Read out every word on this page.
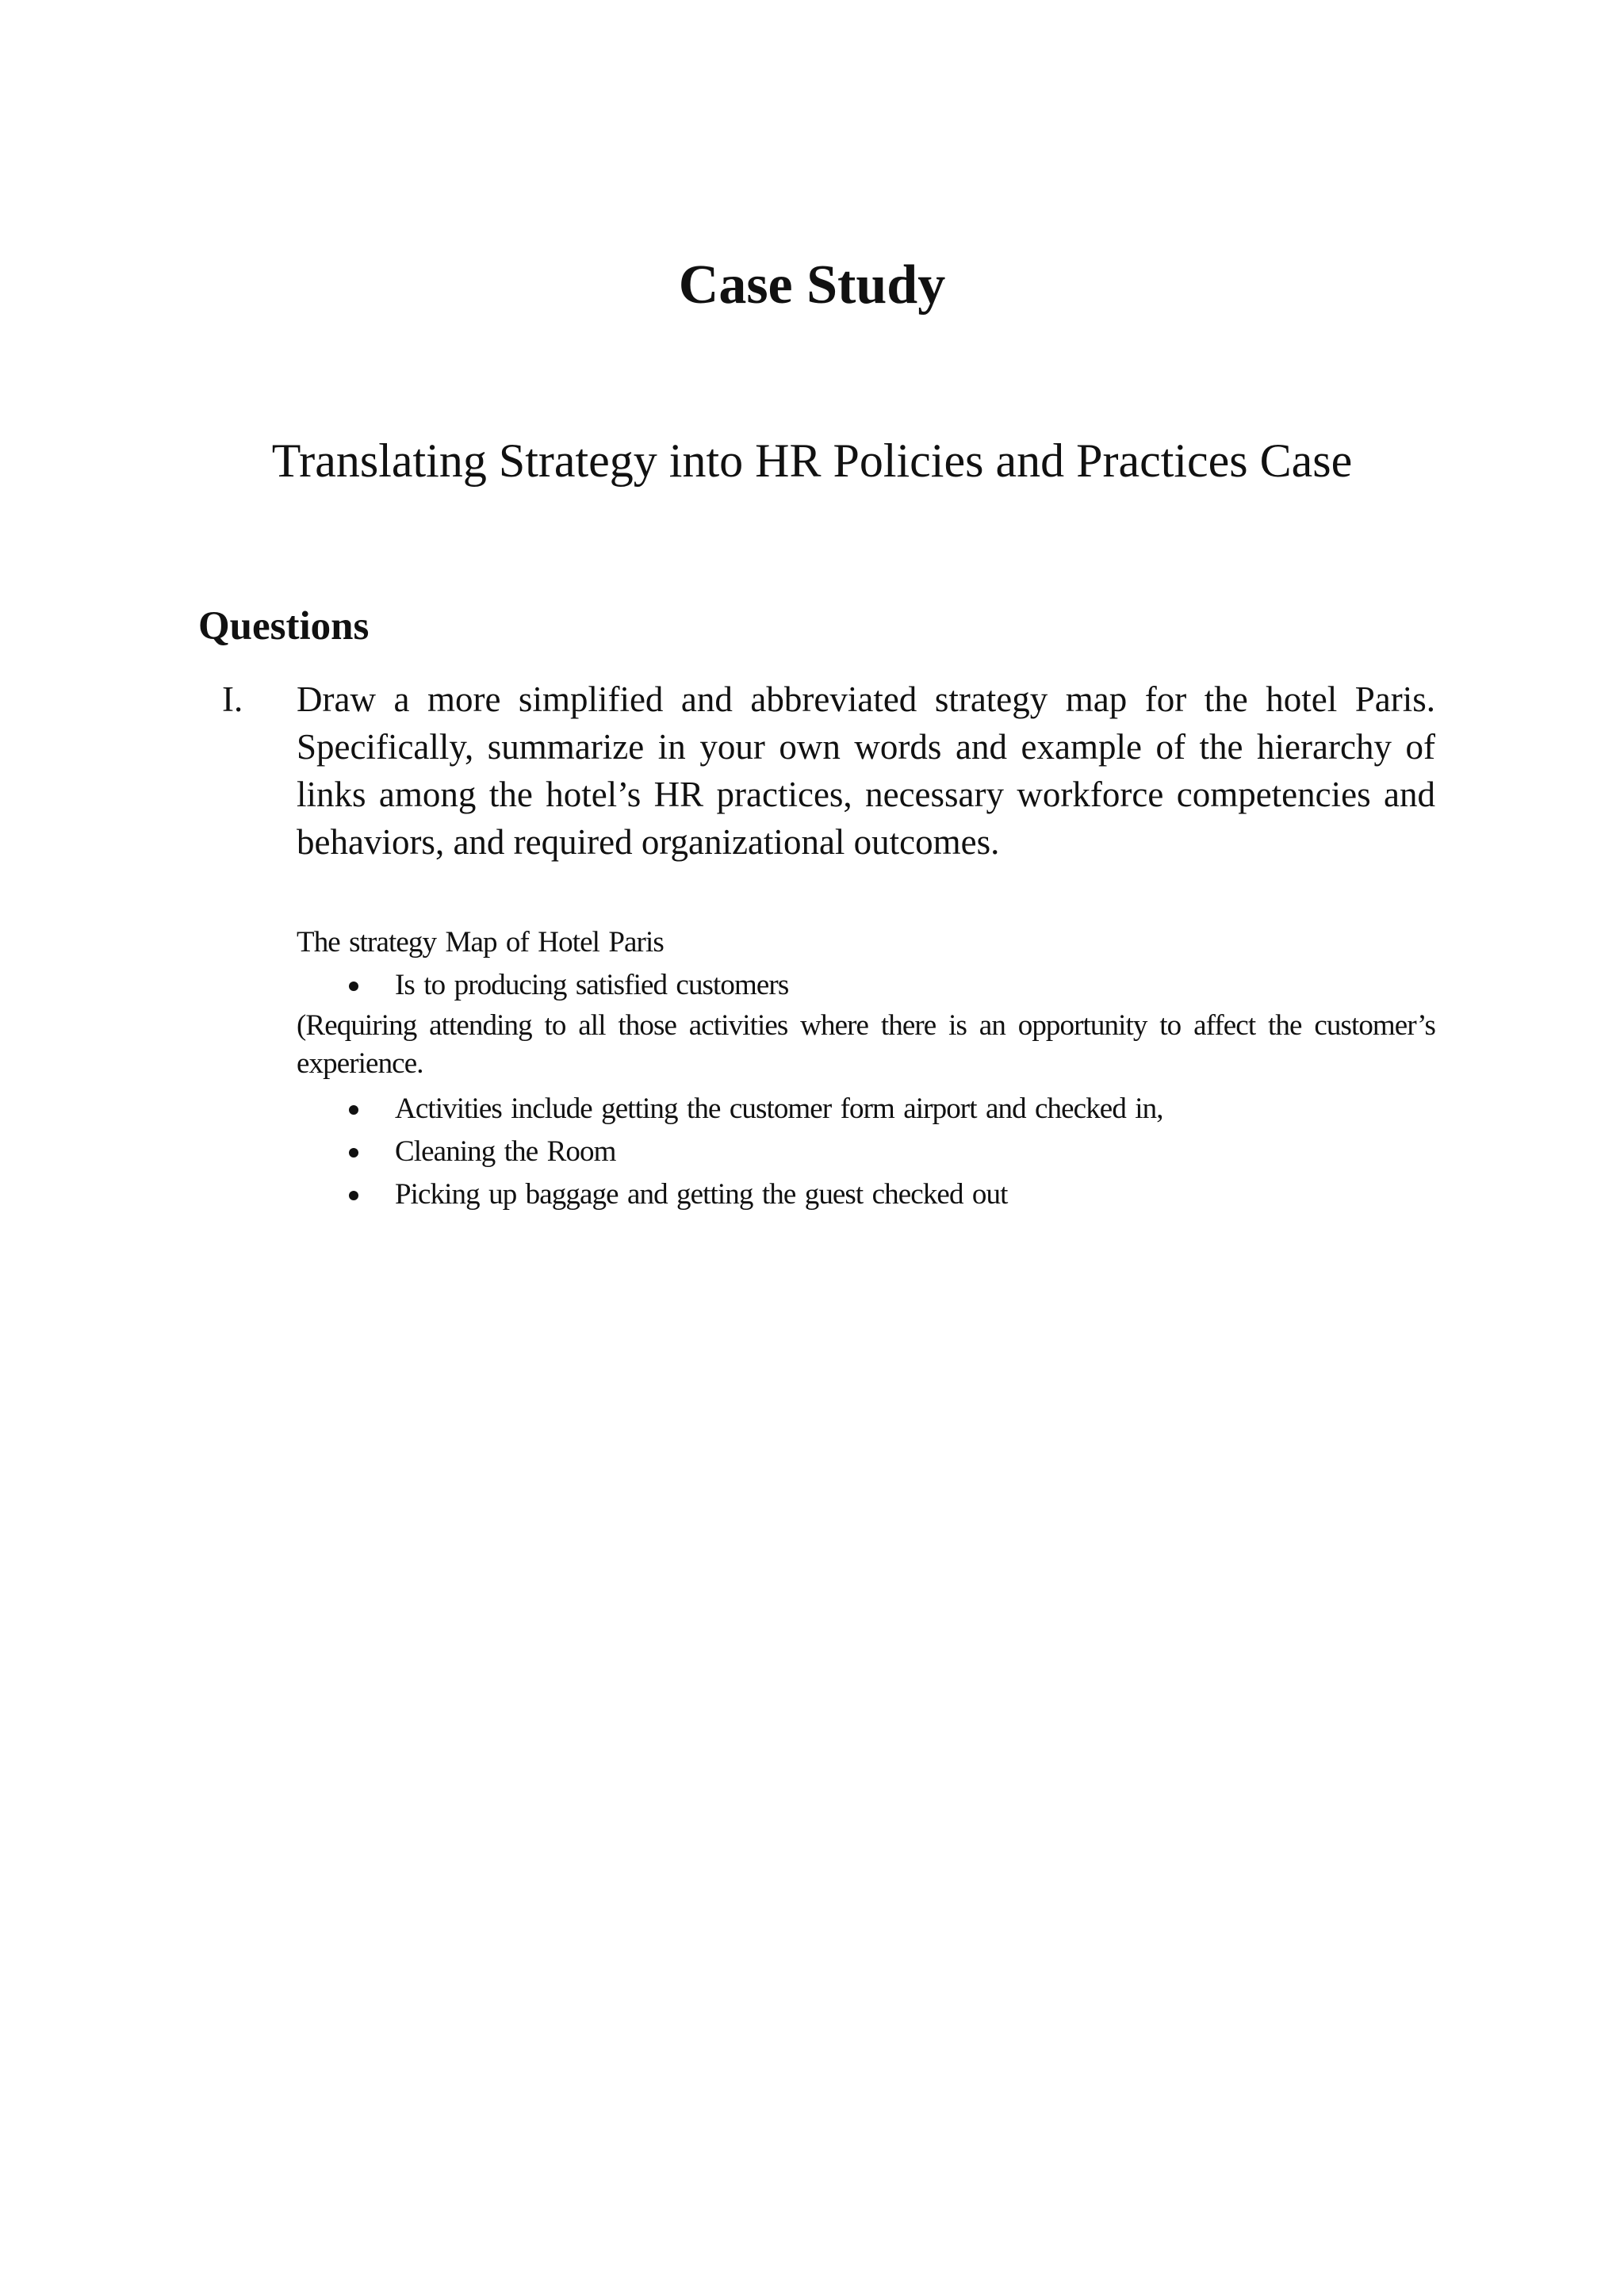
Case Study
Translating Strategy into HR Policies and Practices Case
Questions
I. Draw a more simplified and abbreviated strategy map for the hotel Paris. Specifically, summarize in your own words and example of the hierarchy of links among the hotel’s HR practices, necessary workforce competencies and behaviors, and required organizational outcomes.

The strategy Map of Hotel Paris

Is to producing satisfied customers

(Requiring attending to all those activities where there is an opportunity to affect the customer’s experience.

Activities include getting the customer form airport and checked in,
Cleaning the Room
Picking up baggage and getting the guest checked out
